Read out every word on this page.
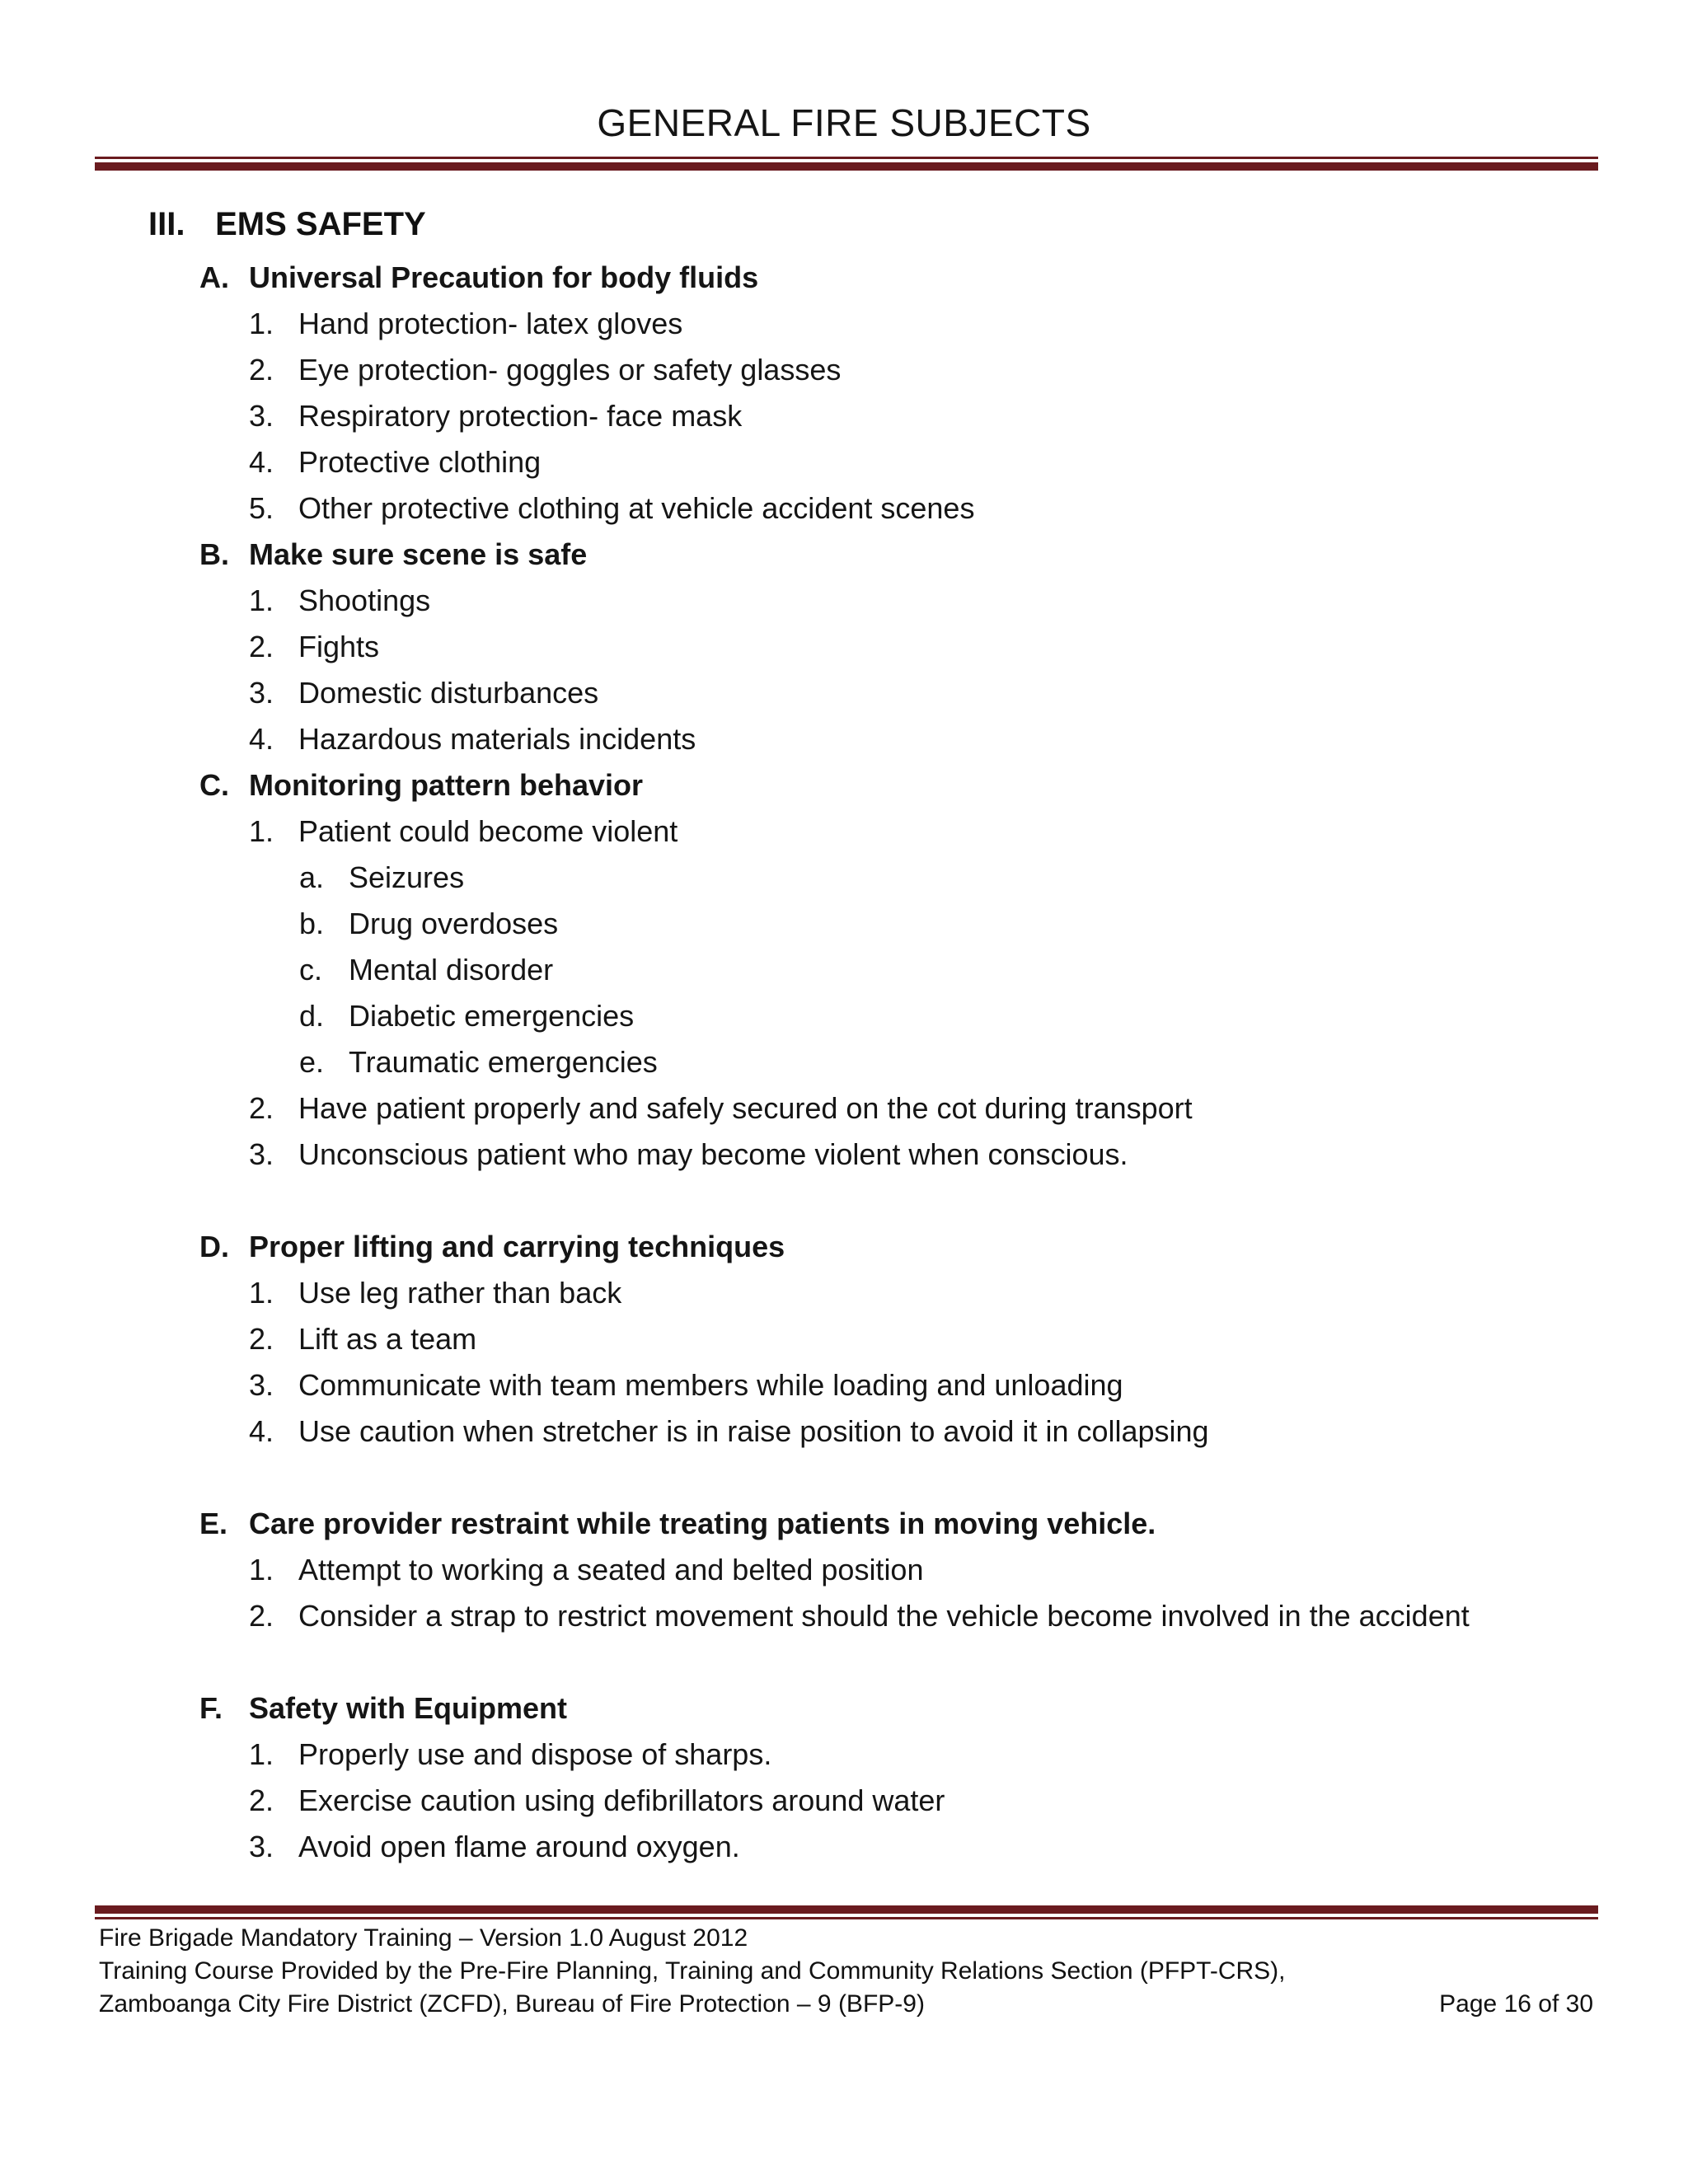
GENERAL FIRE SUBJECTS
III. EMS SAFETY
A. Universal Precaution for body fluids
1. Hand protection- latex gloves
2. Eye protection- goggles or safety glasses
3. Respiratory protection- face mask
4. Protective clothing
5. Other protective clothing at vehicle accident scenes
B. Make sure scene is safe
1. Shootings
2. Fights
3. Domestic disturbances
4. Hazardous materials incidents
C. Monitoring pattern behavior
1. Patient could become violent
a. Seizures
b. Drug overdoses
c. Mental disorder
d. Diabetic emergencies
e. Traumatic emergencies
2. Have patient properly and safely secured on the cot during transport
3. Unconscious patient who may become violent when conscious.
D. Proper lifting and carrying techniques
1. Use leg rather than back
2. Lift as a team
3. Communicate with team members while loading and unloading
4. Use caution when stretcher is in raise position to avoid it in collapsing
E. Care provider restraint while treating patients in moving vehicle.
1. Attempt to working a seated and belted position
2. Consider a strap to restrict movement should the vehicle become involved in the accident
F. Safety with Equipment
1. Properly use and dispose of sharps.
2. Exercise caution using defibrillators around water
3. Avoid open flame around oxygen.
Fire Brigade Mandatory Training – Version 1.0 August 2012
Training Course Provided by the Pre-Fire Planning, Training and Community Relations Section (PFPT-CRS),
Zamboanga City Fire District (ZCFD), Bureau of Fire Protection – 9 (BFP-9)	Page 16 of 30
